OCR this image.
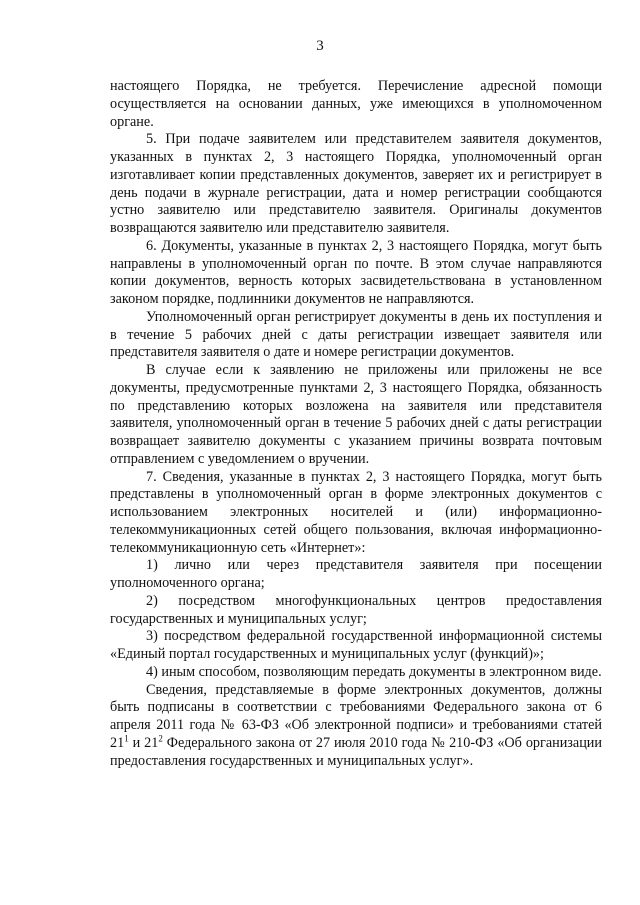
3

настоящего Порядка, не требуется. Перечисление адресной помощи осуществляется на основании данных, уже имеющихся в уполномоченном органе.

5. При подаче заявителем или представителем заявителя документов, указанных в пунктах 2, 3 настоящего Порядка, уполномоченный орган изготавливает копии представленных документов, заверяет их и регистрирует в день подачи в журнале регистрации, дата и номер регистрации сообщаются устно заявителю или представителю заявителя. Оригиналы документов возвращаются заявителю или представителю заявителя.

6. Документы, указанные в пунктах 2, 3 настоящего Порядка, могут быть направлены в уполномоченный орган по почте. В этом случае направляются копии документов, верность которых засвидетельствована в установленном законом порядке, подлинники документов не направляются.

Уполномоченный орган регистрирует документы в день их поступления и в течение 5 рабочих дней с даты регистрации извещает заявителя или представителя заявителя о дате и номере регистрации документов.

В случае если к заявлению не приложены или приложены не все документы, предусмотренные пунктами 2, 3 настоящего Порядка, обязанность по представлению которых возложена на заявителя или представителя заявителя, уполномоченный орган в течение 5 рабочих дней с даты регистрации возвращает заявителю документы с указанием причины возврата почтовым отправлением с уведомлением о вручении.

7. Сведения, указанные в пунктах 2, 3 настоящего Порядка, могут быть представлены в уполномоченный орган в форме электронных документов с использованием электронных носителей и (или) информационно-телекоммуникационных сетей общего пользования, включая информационно-телекоммуникационную сеть «Интернет»:

1) лично или через представителя заявителя при посещении уполномоченного органа;

2) посредством многофункциональных центров предоставления государственных и муниципальных услуг;

3) посредством федеральной государственной информационной системы «Единый портал государственных и муниципальных услуг (функций)»;

4) иным способом, позволяющим передать документы в электронном виде.

Сведения, представляемые в форме электронных документов, должны быть подписаны в соответствии с требованиями Федерального закона от 6 апреля 2011 года № 63-ФЗ «Об электронной подписи» и требованиями статей $21^1$ и $21^2$ Федерального закона от 27 июля 2010 года № 210-ФЗ «Об организации предоставления государственных и муниципальных услуг».
